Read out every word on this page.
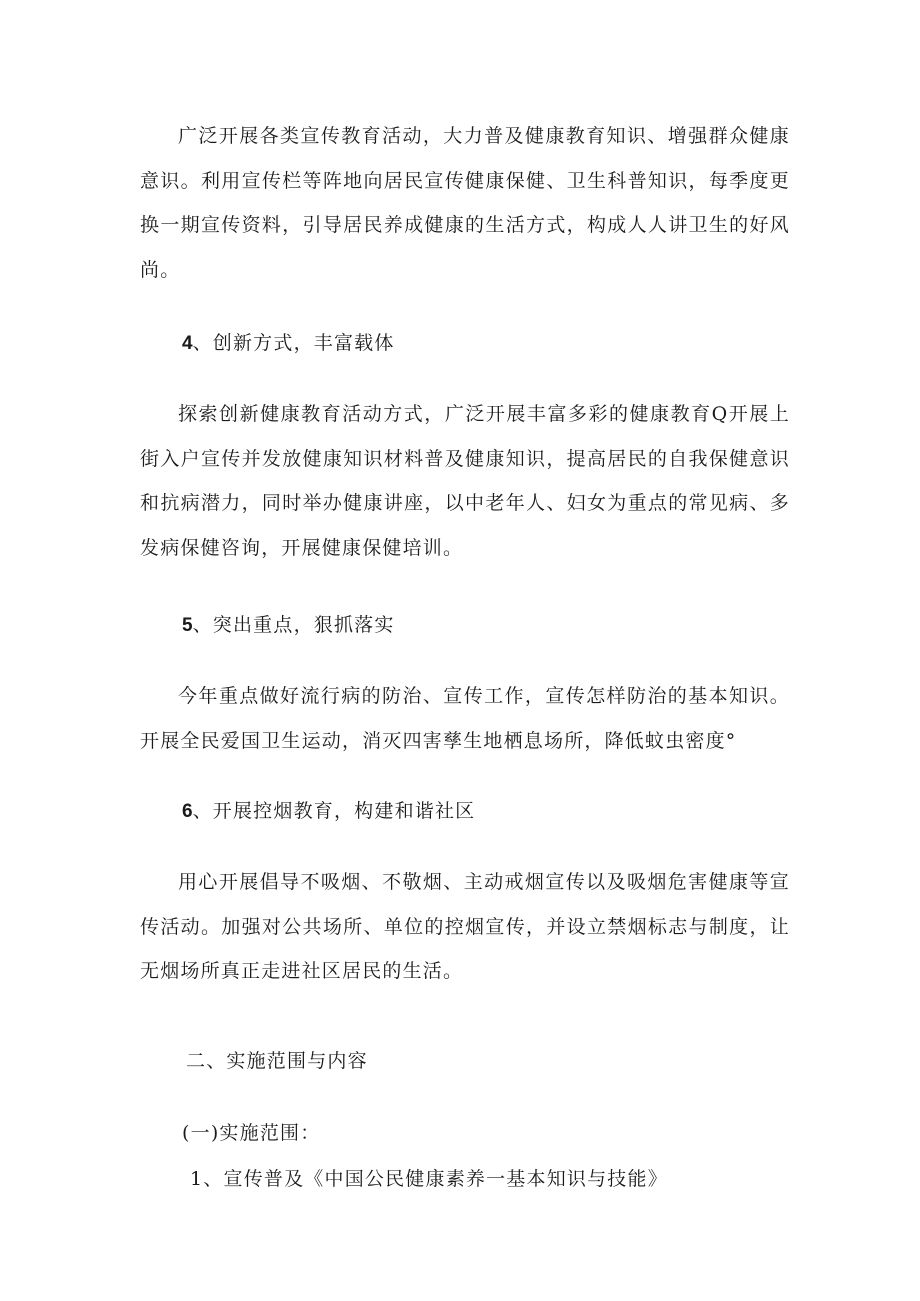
广泛开展各类宣传教育活动，大力普及健康教育知识、增强群众健康意识。利用宣传栏等阵地向居民宣传健康保健、卫生科普知识，每季度更换一期宣传资料，引导居民养成健康的生活方式，构成人人讲卫生的好风尚。

4、创新方式，丰富载体

探索创新健康教育活动方式，广泛开展丰富多彩的健康教育Q开展上街入户宣传并发放健康知识材料普及健康知识，提高居民的自我保健意识和抗病潜力，同时举办健康讲座，以中老年人、妇女为重点的常见病、多发病保健咨询，开展健康保健培训。

5、突出重点，狠抓落实

今年重点做好流行病的防治、宣传工作，宣传怎样防治的基本知识。开展全民爱国卫生运动，消灭四害孳生地栖息场所，降低蚊虫密度°

6、开展控烟教育，构建和谐社区

用心开展倡导不吸烟、不敬烟、主动戒烟宣传以及吸烟危害健康等宣传活动。加强对公共场所、单位的控烟宣传，并设立禁烟标志与制度，让无烟场所真正走进社区居民的生活。

二、实施范围与内容

(一)实施范围：

1、宣传普及《中国公民健康素养一基本知识与技能》
